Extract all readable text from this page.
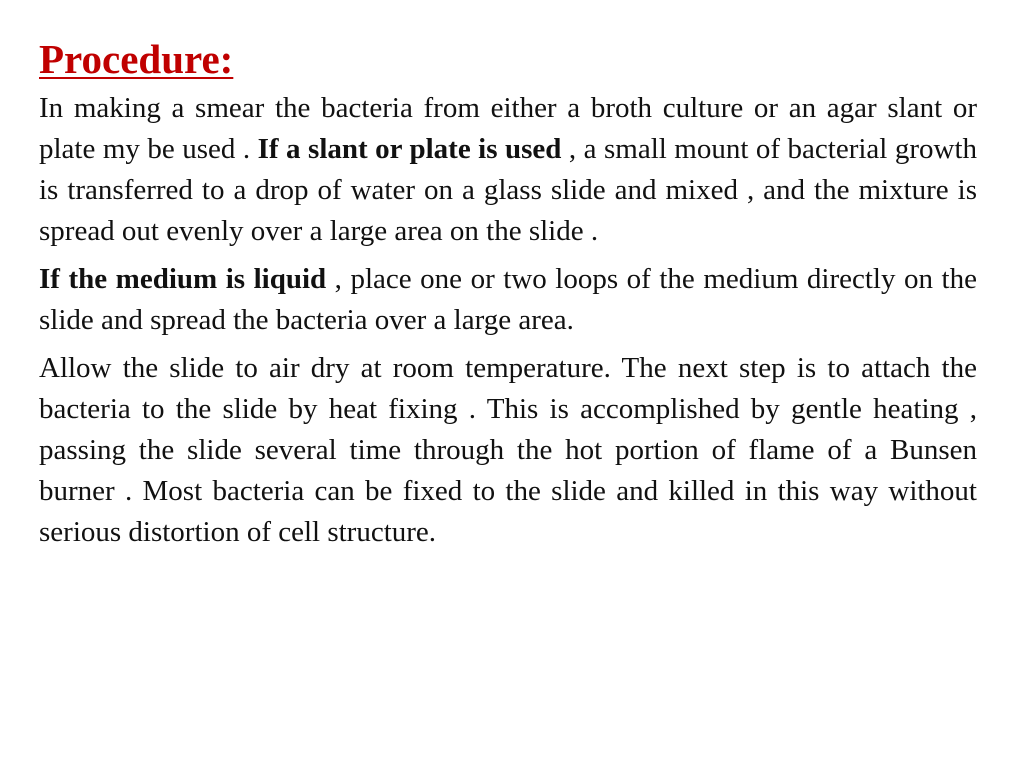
Procedure:

In making a smear the bacteria from either a broth culture or an agar slant or plate my be used . If a slant or plate is used , a small mount of bacterial growth is transferred to a drop of water on a glass slide and mixed , and the mixture is spread out evenly over a large area on the slide .

If the medium is liquid , place one or two loops of the medium directly on the slide and spread the bacteria over a large area.

Allow the slide to air dry at room temperature. The next step is to attach the bacteria to the slide by heat fixing . This is accomplished by gentle heating , passing the slide several time through the hot portion of flame of a Bunsen burner . Most bacteria can be fixed to the slide and killed in this way without serious distortion of cell structure.
